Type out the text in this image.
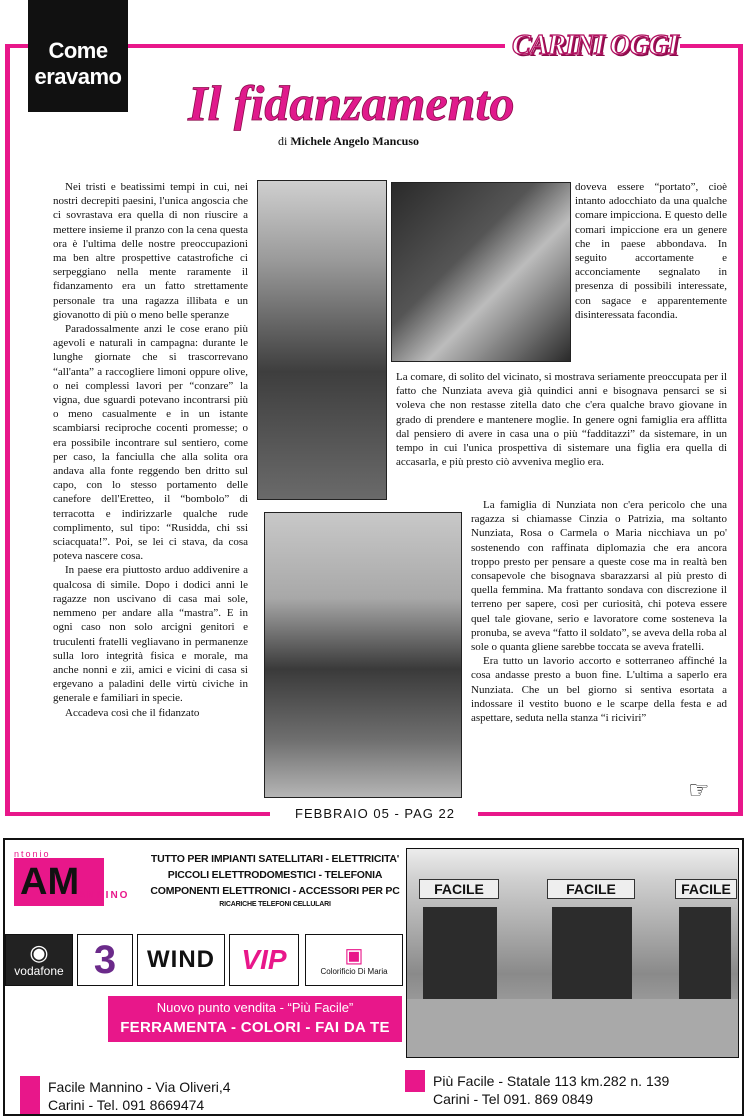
Come
eravamo
CARINI OGGI
Il fidanzamento
di Michele Angelo Mancuso

Nei tristi e beatissimi tempi in cui, nei nostri decrepiti paesini, l'unica angoscia che ci sovrastava era quella di non riuscire a mettere insieme il pranzo con la cena questa ora è l'ultima delle nostre preoccupazioni ma ben altre prospettive catastrofiche ci serpeggiano nella mente raramente il fidanzamento era un fatto strettamente personale tra una ragazza illibata e un giovanotto di più o meno belle speranze

Paradossalmente anzi le cose erano più agevoli e naturali in campagna: durante le lunghe giornate che si trascorrevano “all'anta” a raccogliere limoni oppure olive, o nei complessi lavori per “conzare” la vigna, due sguardi potevano incontrarsi più o meno casualmente e in un istante scambiarsi reciproche cocenti promesse; o era possibile incontrare sul sentiero, come per caso, la fanciulla che alla solita ora andava alla fonte reggendo ben dritto sul capo, con lo stesso portamento delle canefore dell'Eretteo, il “bombolo” di terracotta e indirizzarle qualche rude complimento, sul tipo: “Rusidda, chi ssi sciacquata!”. Poi, se lei ci stava, da cosa poteva nascere cosa.

In paese era piuttosto arduo addivenire a qualcosa di simile. Dopo i dodici anni le ragazze non uscivano di casa mai sole, nemmeno per andare alla “mastra”. E in ogni caso non solo arcigni genitori e truculenti fratelli vegliavano in permanenze sulla loro integrità fisica e morale, ma anche nonni e zii, amici e vicini di casa si ergevano a paladini delle virtù civiche in generale e familiari in specie.

Accadeva così che il fidanzato

doveva essere “portato”, cioè intanto adocchiato da una qualche comare impicciona. E questo delle comari impiccione era un genere che in paese abbondava. In seguito accortamente e acconciamente segnalato in presenza di possibili interessate, con sagace e apparentemente disinteressata facondia.

La comare, di solito del vicinato, si mostrava seriamente preoccupata per il fatto che Nunziata aveva già quindici anni e bisognava pensarci se si voleva che non restasse zitella dato che c'era qualche bravo giovane in grado di prendere e mantenere moglie. In genere ogni famiglia era afflitta dal pensiero di avere in casa una o più “fadditazzi” da sistemare, in un tempo in cui l'unica prospettiva di sistemare una figlia era quella di accasarla, e più presto ciò avveniva meglio era.

La famiglia di Nunziata non c'era pericolo che una ragazza si chiamasse Cinzia o Patrizia, ma soltanto Nunziata, Rosa o Carmela o Maria nicchiava un po' sostenendo con raffinata diplomazia che era ancora troppo presto per pensare a queste cose ma in realtà ben consapevole che bisognava sbarazzarsi al più presto di quella femmina. Ma frattanto sondava con discrezione il terreno per sapere, così per curiosità, chi poteva essere quel tale giovane, serio e lavoratore come sosteneva la pronuba, se aveva “fatto il soldato”, se aveva della roba al sole o quanta gliene sarebbe toccata se aveva fratelli.

Era tutto un lavorio accorto e sotterraneo affinché la cosa andasse presto a buon fine. L'ultima a saperlo era Nunziata. Che un bel giorno si sentiva esortata a indossare il vestito buono e le scarpe della festa e ad aspettare, seduta nella stanza “i riciviri”

☞
FEBBRAIO 05 - PAG 22
AM
ntonio
ANNINO
TUTTO PER IMPIANTI SATELLITARI - ELETTRICITA'
PICCOLI ELETTRODOMESTICI - TELEFONIA
COMPONENTI ELETTRONICI - ACCESSORI PER PC
RICARICHE TELEFONI CELLULARI
◉
vodafone 3	WIND VIP	▣
Colorificio Di Maria
Nuovo punto vendita - “Più Facile”
FERRAMENTA - COLORI - FAI DA TE
FACILE	FACILE	FACILE
Facile Mannino - Via Oliveri,4
Carini - Tel. 091 8669474
Più Facile - Statale 113 km.282 n. 139
Carini - Tel 091. 869 0849
